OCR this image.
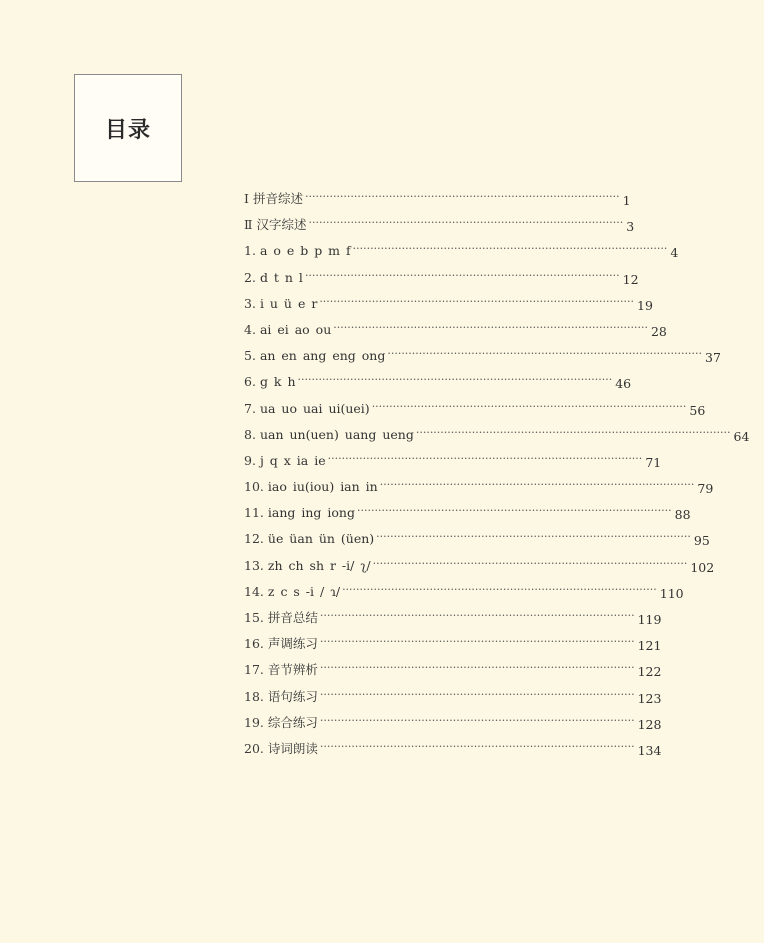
目录
Ⅰ 拼音综述 ·························································································· 1
Ⅱ 汉字综述 ·························································································· 3
1. a o e b p m f ·························································································· 4
2. d t n l ·························································································· 12
3. i u ü e r ·························································································· 19
4. ai ei ao ou ·························································································· 28
5. an en ang eng ong ·························································································· 37
6. g k h ·························································································· 46
7. ua uo uai ui(uei) ·························································································· 56
8. uan un(uen) uang ueng ·························································································· 64
9. j q x ia ie ·························································································· 71
10. iao iu(iou) ian in ·························································································· 79
11. iang ing iong ·························································································· 88
12. üe üan ün (üen) ·························································································· 95
13. zh ch sh r -i/ ʅ/ ·························································································· 102
14. z c s -i / ɿ/ ·························································································· 110
15. 拼音总结 ·························································································· 119
16. 声调练习 ·························································································· 121
17. 音节辨析 ·························································································· 122
18. 语句练习 ·························································································· 123
19. 综合练习 ·························································································· 128
20. 诗词朗读 ·························································································· 134
